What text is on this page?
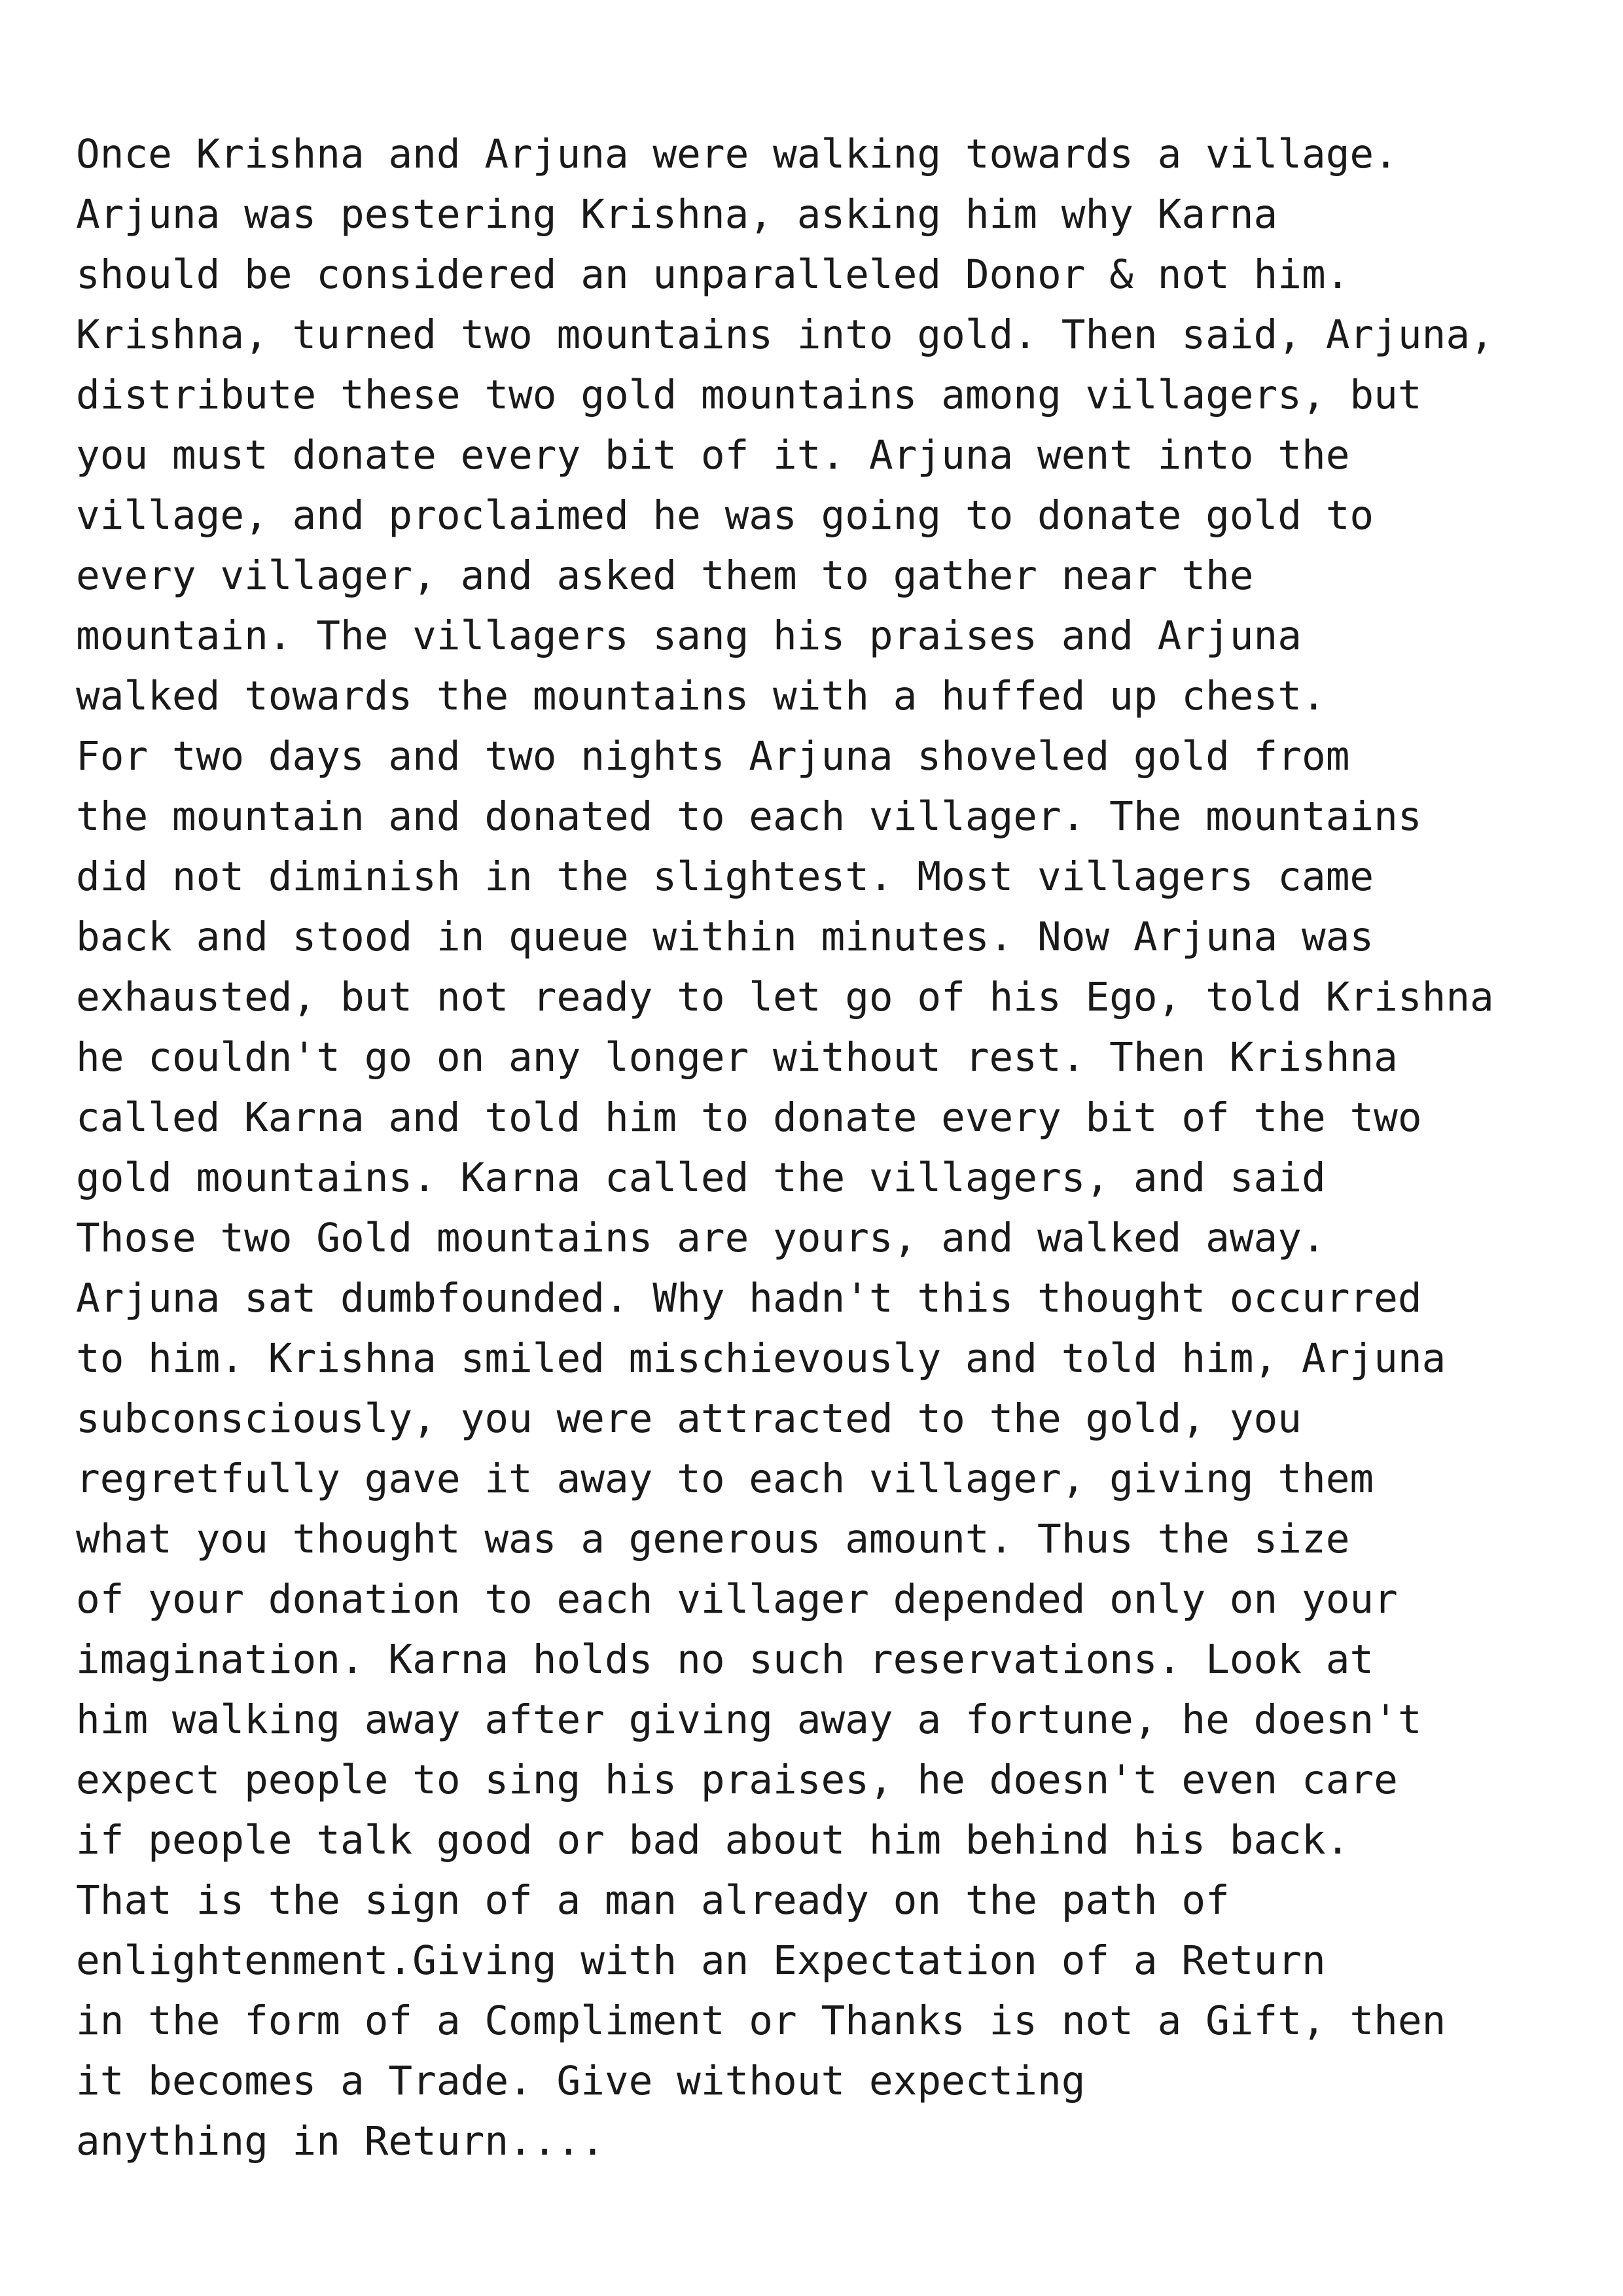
Once Krishna and Arjuna were walking towards a village.
Arjuna was pestering Krishna, asking him why Karna
should be considered an unparalleled Donor & not him.
Krishna, turned two mountains into gold. Then said, Arjuna,
distribute these two gold mountains among villagers, but
you must donate every bit of it. Arjuna went into the
village, and proclaimed he was going to donate gold to
every villager, and asked them to gather near the
mountain. The villagers sang his praises and Arjuna
walked towards the mountains with a huffed up chest.
For two days and two nights Arjuna shoveled gold from
the mountain and donated to each villager. The mountains
did not diminish in the slightest. Most villagers came
back and stood in queue within minutes. Now Arjuna was
exhausted, but not ready to let go of his Ego, told Krishna
he couldn't go on any longer without rest. Then Krishna
called Karna and told him to donate every bit of the two
gold mountains. Karna called the villagers, and said
Those two Gold mountains are yours, and walked away.
Arjuna sat dumbfounded. Why hadn't this thought occurred
to him. Krishna smiled mischievously and told him, Arjuna
subconsciously, you were attracted to the gold, you
regretfully gave it away to each villager, giving them
what you thought was a generous amount. Thus the size
of your donation to each villager depended only on your
imagination. Karna holds no such reservations. Look at
him walking away after giving away a fortune, he doesn't
expect people to sing his praises, he doesn't even care
if people talk good or bad about him behind his back.
That is the sign of a man already on the path of
enlightenment.Giving with an Expectation of a Return
in the form of a Compliment or Thanks is not a Gift, then
it becomes a Trade. Give without expecting
anything in Return....
